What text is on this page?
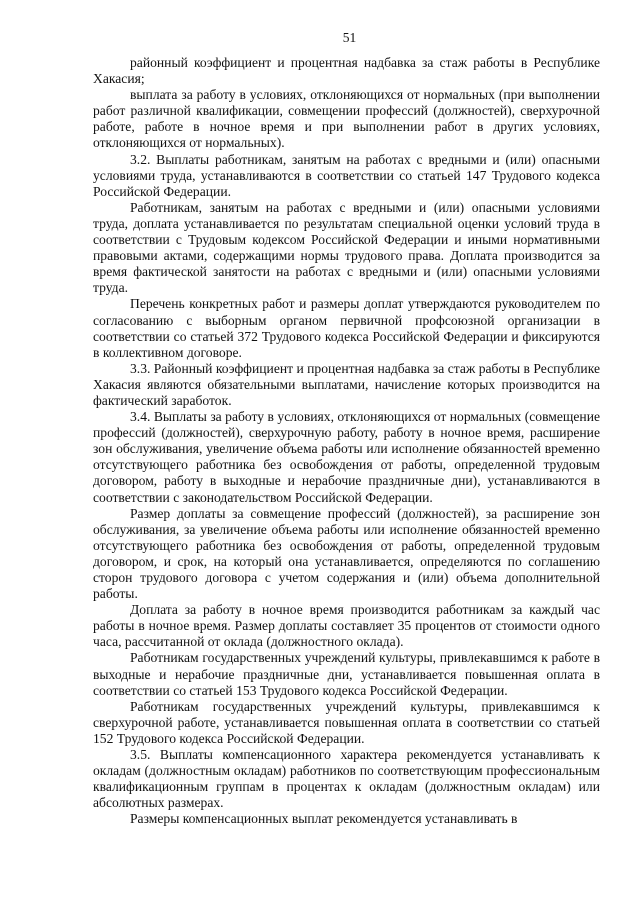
51

районный коэффициент и процентная надбавка за стаж работы в Республике Хакасия;

выплата за работу в условиях, отклоняющихся от нормальных (при выполнении работ различной квалификации, совмещении профессий (должностей), сверхурочной работе, работе в ночное время и при выполнении работ в других условиях, отклоняющихся от нормальных).

3.2. Выплаты работникам, занятым на работах с вредными и (или) опасными условиями труда, устанавливаются в соответствии со статьей 147 Трудового кодекса Российской Федерации.

Работникам, занятым на работах с вредными и (или) опасными условиями труда, доплата устанавливается по результатам специальной оценки условий труда в соответствии с Трудовым кодексом Российской Федерации и иными нормативными правовыми актами, содержащими нормы трудового права. Доплата производится за время фактической занятости на работах с вредными и (или) опасными условиями труда.

Перечень конкретных работ и размеры доплат утверждаются руководителем по согласованию с выборным органом первичной профсоюзной организации в соответствии со статьей 372 Трудового кодекса Российской Федерации и фиксируются в коллективном договоре.

3.3. Районный коэффициент и процентная надбавка за стаж работы в Республике Хакасия являются обязательными выплатами, начисление которых производится на фактический заработок.

3.4. Выплаты за работу в условиях, отклоняющихся от нормальных (совмещение профессий (должностей), сверхурочную работу, работу в ночное время, расширение зон обслуживания, увеличение объема работы или исполнение обязанностей временно отсутствующего работника без освобождения от работы, определенной трудовым договором, работу в выходные и нерабочие праздничные дни), устанавливаются в соответствии с законодательством Российской Федерации.

Размер доплаты за совмещение профессий (должностей), за расширение зон обслуживания, за увеличение объема работы или исполнение обязанностей временно отсутствующего работника без освобождения от работы, определенной трудовым договором, и срок, на который она устанавливается, определяются по соглашению сторон трудового договора с учетом содержания и (или) объема дополнительной работы.

Доплата за работу в ночное время производится работникам за каждый час работы в ночное время. Размер доплаты составляет 35 процентов от стоимости одного часа, рассчитанной от оклада (должностного оклада).

Работникам государственных учреждений культуры, привлекавшимся к работе в выходные и нерабочие праздничные дни, устанавливается повышенная оплата в соответствии со статьей 153 Трудового кодекса Российской Федерации.

Работникам государственных учреждений культуры, привлекавшимся к сверхурочной работе, устанавливается повышенная оплата в соответствии со статьей 152 Трудового кодекса Российской Федерации.

3.5. Выплаты компенсационного характера рекомендуется устанавливать к окладам (должностным окладам) работников по соответствующим профессиональным квалификационным группам в процентах к окладам (должностным окладам) или абсолютных размерах.

Размеры компенсационных выплат рекомендуется устанавливать в
